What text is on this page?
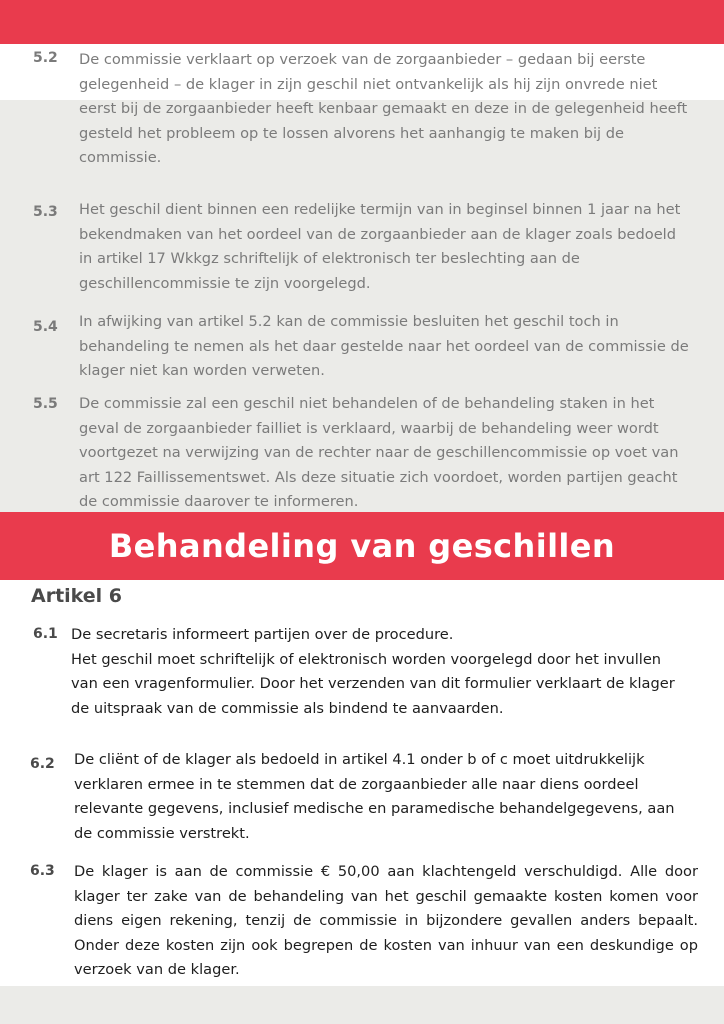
5.2	De commissie verklaart op verzoek van de zorgaanbieder – gedaan bij eerste gelegenheid – de klager in zijn geschil niet ontvankelijk als hij zijn onvrede niet eerst bij de zorgaanbieder heeft kenbaar gemaakt en deze in de gelegenheid heeft gesteld het probleem op te lossen alvorens het aanhangig te maken bij de commissie.
5.3	Het geschil dient binnen een redelijke termijn van in beginsel binnen 1 jaar na het bekendmaken van het oordeel van de zorgaanbieder aan de klager zoals bedoeld in artikel 17 Wkkgz schriftelijk of elektronisch ter beslechting aan de geschillencommissie te zijn voorgelegd.
5.4	In afwijking van artikel 5.2 kan de commissie besluiten het geschil toch in behandeling te nemen als het daar gestelde naar het oordeel van de commissie de klager niet kan worden verweten.
5.5	De commissie zal een geschil niet behandelen of de behandeling staken in het geval de zorgaanbieder failliet is verklaard, waarbij de behandeling weer wordt voortgezet na verwijzing van de rechter naar de geschillencommissie op voet van art 122 Faillissementswet. Als deze situatie zich voordoet, worden partijen geacht de commissie daarover te informeren.
Behandeling van geschillen
Artikel 6
6.1 De secretaris informeert partijen over de procedure.
Het geschil moet schriftelijk of elektronisch worden voorgelegd door het invullen van een vragenformulier. Door het verzenden van dit formulier verklaart de klager de uitspraak van de commissie als bindend te aanvaarden.
6.2	De cliënt of de klager als bedoeld in artikel 4.1 onder b of c moet uitdrukkelijk verklaren ermee in te stemmen dat de zorgaanbieder alle naar diens oordeel relevante gegevens, inclusief medische en paramedische behandelgegevens, aan de commissie verstrekt.
6.3	De klager is aan de commissie € 50,00 aan klachtengeld verschuldigd. Alle door klager ter zake van de behandeling van het geschil gemaakte kosten komen voor diens eigen rekening, tenzij de commissie in bijzondere gevallen anders bepaalt. Onder deze kosten zijn ook begrepen de kosten van inhuur van een deskundige op verzoek van de klager.
